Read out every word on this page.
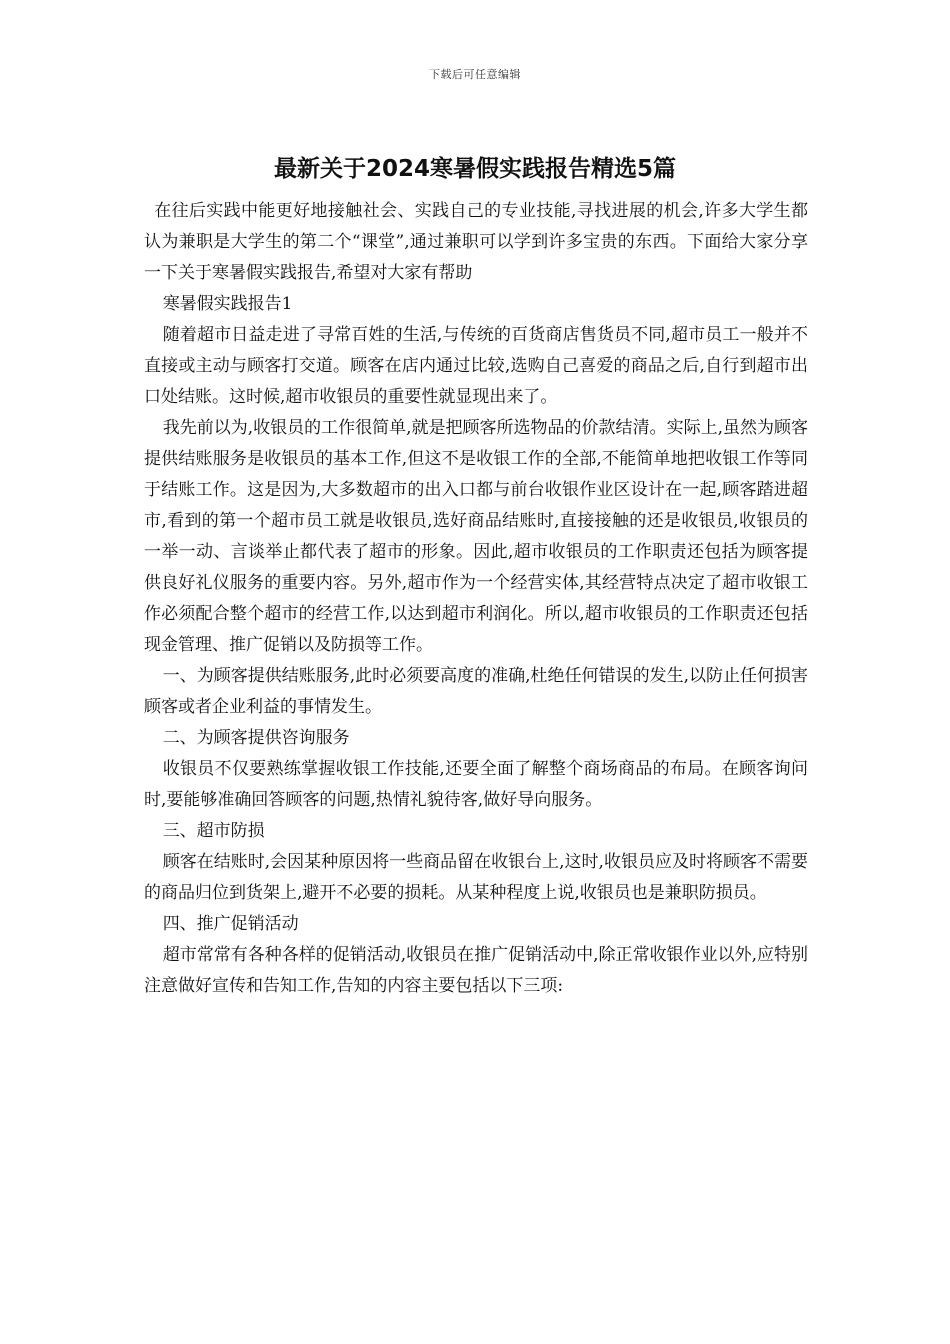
下载后可任意编辑
最新关于2024寒暑假实践报告精选5篇

在往后实践中能更好地接触社会、实践自己的专业技能,寻找进展的机会,许多大学生都认为兼职是大学生的第二个“课堂”,通过兼职可以学到许多宝贵的东西。下面给大家分享一下关于寒暑假实践报告,希望对大家有帮助

寒暑假实践报告1

随着超市日益走进了寻常百姓的生活,与传统的百货商店售货员不同,超市员工一般并不直接或主动与顾客打交道。顾客在店内通过比较,选购自己喜爱的商品之后,自行到超市出口处结账。这时候,超市收银员的重要性就显现出来了。

我先前以为,收银员的工作很简单,就是把顾客所选物品的价款结清。实际上,虽然为顾客提供结账服务是收银员的基本工作,但这不是收银工作的全部,不能简单地把收银工作等同于结账工作。这是因为,大多数超市的出入口都与前台收银作业区设计在一起,顾客踏进超市,看到的第一个超市员工就是收银员,选好商品结账时,直接接触的还是收银员,收银员的一举一动、言谈举止都代表了超市的形象。因此,超市收银员的工作职责还包括为顾客提供良好礼仪服务的重要内容。另外,超市作为一个经营实体,其经营特点决定了超市收银工作必须配合整个超市的经营工作,以达到超市利润化。所以,超市收银员的工作职责还包括现金管理、推广促销以及防损等工作。

一、为顾客提供结账服务,此时必须要高度的准确,杜绝任何错误的发生,以防止任何损害顾客或者企业利益的事情发生。

二、为顾客提供咨询服务

收银员不仅要熟练掌握收银工作技能,还要全面了解整个商场商品的布局。在顾客询问时,要能够准确回答顾客的问题,热情礼貌待客,做好导向服务。

三、超市防损

顾客在结账时,会因某种原因将一些商品留在收银台上,这时,收银员应及时将顾客不需要的商品归位到货架上,避开不必要的损耗。从某种程度上说,收银员也是兼职防损员。

四、推广促销活动

超市常常有各种各样的促销活动,收银员在推广促销活动中,除正常收银作业以外,应特别注意做好宣传和告知工作,告知的内容主要包括以下三项:
